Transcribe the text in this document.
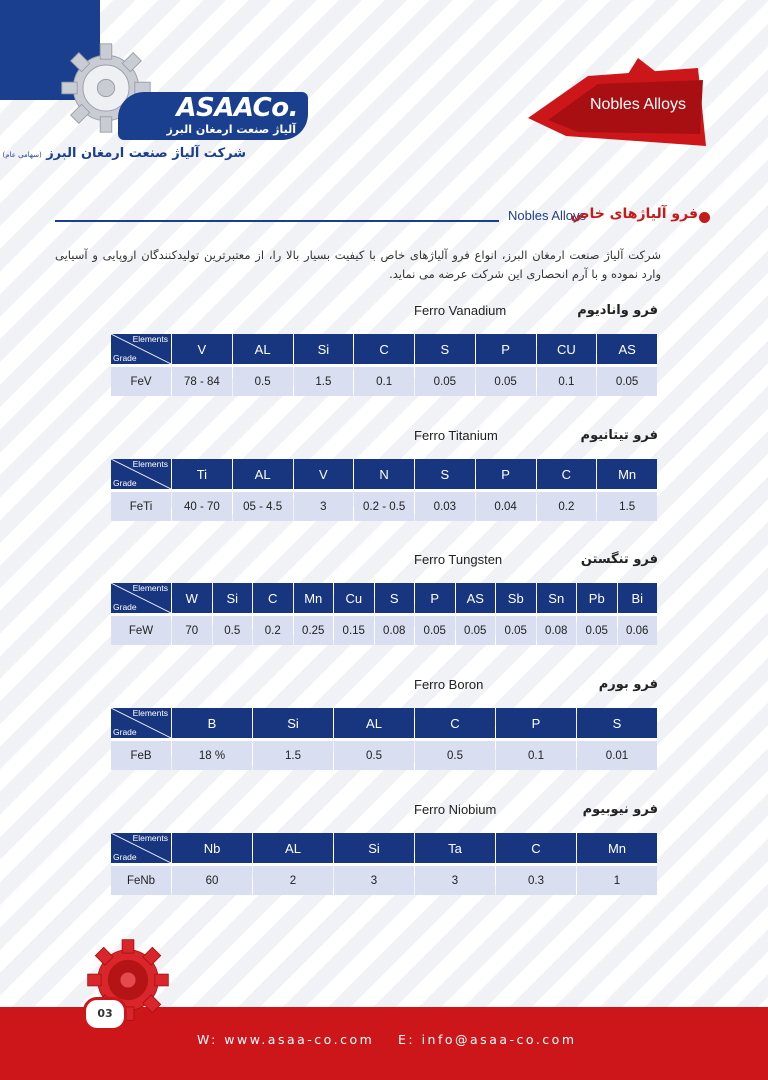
ASAACo.
آلیاژ صنعت ارمغان البرز
شرکت آلیاژ صنعت ارمغان البرز (سهامی عام)
Nobles Alloys
Nobles Alloys
فرو آلیاژهای خاص
شرکت آلیاژ صنعت ارمغان البرز، انواع فرو آلیاژهای خاص با کیفیت بسیار بالا را، از معتبرترین تولیدکنندگان اروپایی و آسیایی وارد نموده و با آرم انحصاری این شرکت عرضه می نماید.
Ferro Vanadium	فرو وانادیوم
Elements
Grade	V	AL	Si	C	S	P	CU	AS
FeV	78 - 84	0.5	1.5	0.1	0.05	0.05	0.1	0.05
Ferro Titanium	فرو تیتانیوم
Elements
Grade	Ti	AL	V	N	S	P	C	Mn
FeTi	40 - 70	05 - 4.5	3	0.2 - 0.5	0.03	0.04	0.2	1.5
Ferro Tungsten	فرو تنگستن
Elements
Grade	W	Si	C	Mn	Cu	S	P	AS	Sb	Sn	Pb	Bi
FeW	70	0.5	0.2	0.25	0.15	0.08	0.05	0.05	0.05	0.08	0.05	0.06
Ferro Boron	فرو بورم
Elements
Grade	B	Si	AL	C	P	S
FeB	18 %	1.5	0.5	0.5	0.1	0.01
Ferro Niobium	فرو نیوبیوم
Elements
Grade	Nb	AL	Si	Ta	C	Mn
FeNb	60	2	3	3	0.3	1
03
W: www.asaa-co.com E: info@asaa-co.com
